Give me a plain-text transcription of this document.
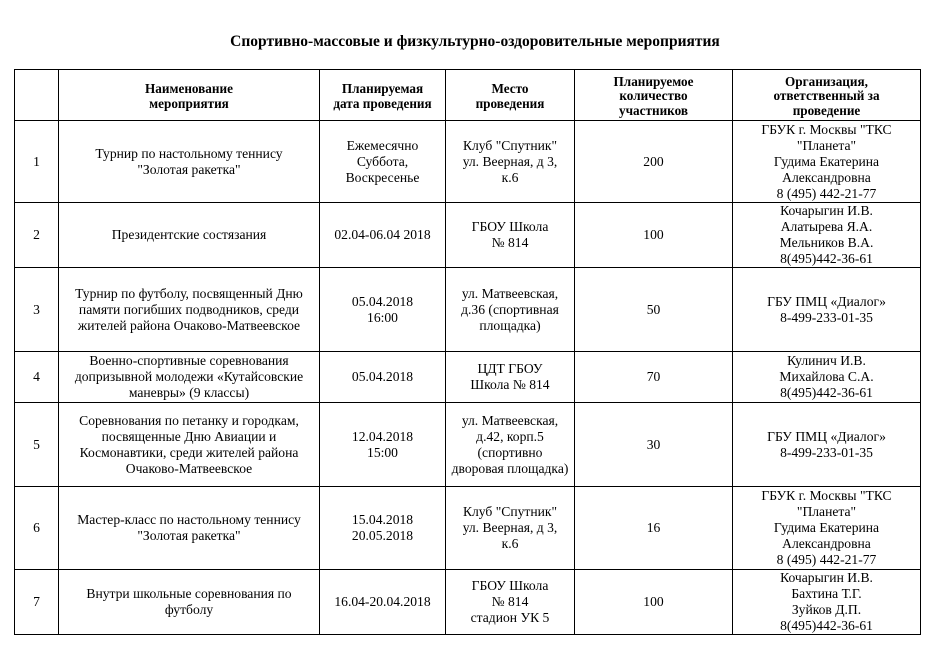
Спортивно-массовые и физкультурно-оздоровительные мероприятия

	Наименование
мероприятия	Планируемая
дата проведения	Место
проведения	Планируемое
количество
участников	Организация,
ответственный за
проведение

1	Турнир по настольному теннису
"Золотая ракетка"	Ежемесячно
Суббота,
Воскресенье	Клуб "Спутник"
ул. Веерная, д 3,
к.6	200	ГБУК г. Москвы "ТКС
"Планета"
Гудима Екатерина
Александровна
8 (495) 442-21-77

2	Президентские состязания	02.04-06.04 2018	ГБОУ Школа
№ 814	100	Кочарыгин И.В.
Алатырева Я.А.
Мельников В.А.
8(495)442-36-61

3	Турнир по футболу, посвященный Дню
памяти погибших подводников, среди
жителей района Очаково-Матвеевское	05.04.2018
16:00	ул. Матвеевская,
д.36 (спортивная
площадка)	50	ГБУ ПМЦ «Диалог»
8-499-233-01-35

4	Военно-спортивные соревнования
допризывной молодежи «Кутайсовские
маневры» (9 классы)	05.04.2018	ЦДТ ГБОУ
Школа № 814	70	Кулинич И.В.
Михайлова С.А.
8(495)442-36-61

5	Соревнования по петанку и городкам,
посвященные Дню Авиации и
Космонавтики, среди жителей района
Очаково-Матвеевское	12.04.2018
15:00	ул. Матвеевская,
д.42, корп.5
(спортивно
дворовая площадка)	30	ГБУ ПМЦ «Диалог»
8-499-233-01-35

6	Мастер-класс по настольному теннису
"Золотая ракетка"	15.04.2018
20.05.2018	Клуб "Спутник"
ул. Веерная, д 3,
к.6	16	ГБУК г. Москвы "ТКС
"Планета"
Гудима Екатерина
Александровна
8 (495) 442-21-77

7	Внутри школьные соревнования по
футболу	16.04-20.04.2018	ГБОУ Школа
№ 814
стадион УК 5	100	Кочарыгин И.В.
Бахтина Т.Г.
Зуйков Д.П.
8(495)442-36-61
